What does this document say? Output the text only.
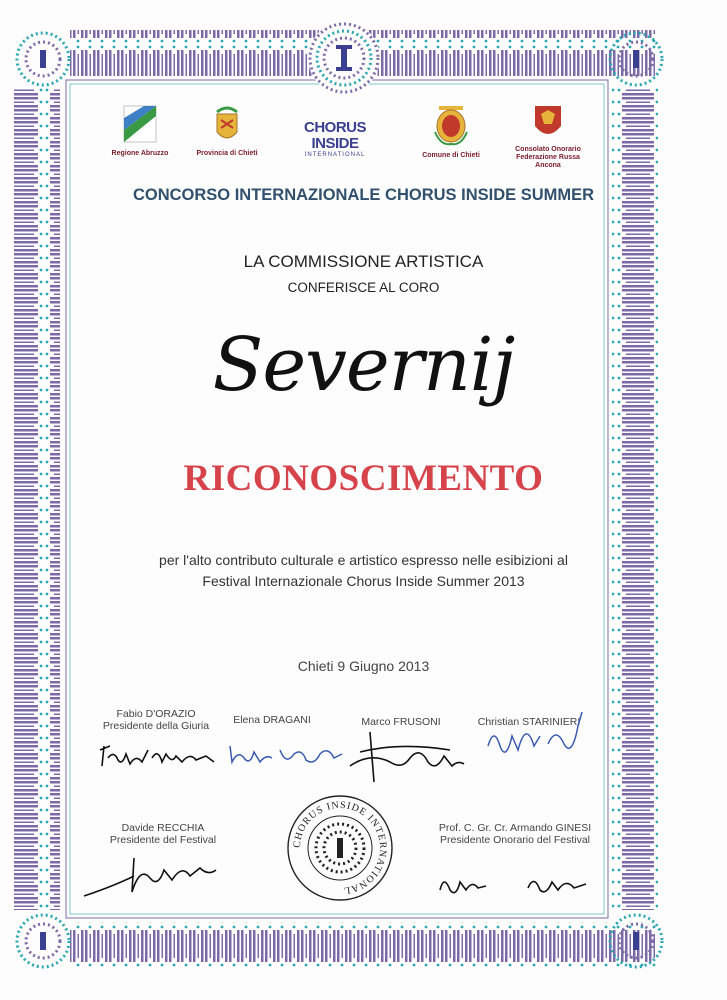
Regione Abruzzo	Provincia di Chieti
CHORUS INSIDE
INTERNATIONAL	Comune di Chieti
Consolato Onorario
Federazione Russa
Ancona
CONCORSO INTERNAZIONALE CHORUS INSIDE SUMMER
LA COMMISSIONE ARTISTICA
CONFERISCE AL CORO
Severnij
RICONOSCIMENTO
per l'alto contributo culturale e artistico espresso nelle esibizioni al
Festival Internazionale Chorus Inside Summer 2013
Chieti 9 Giugno 2013
Fabio D'ORAZIO
Presidente della Giuria	Elena DRAGANI	Marco FRUSONI	Christian STARINIERI
Davide RECCHIA
Presidente del Festival
Prof. C. Gr. Cr. Armando GINESI
Presidente Onorario del Festival
CHORUS INSIDE INTERNATIONAL
